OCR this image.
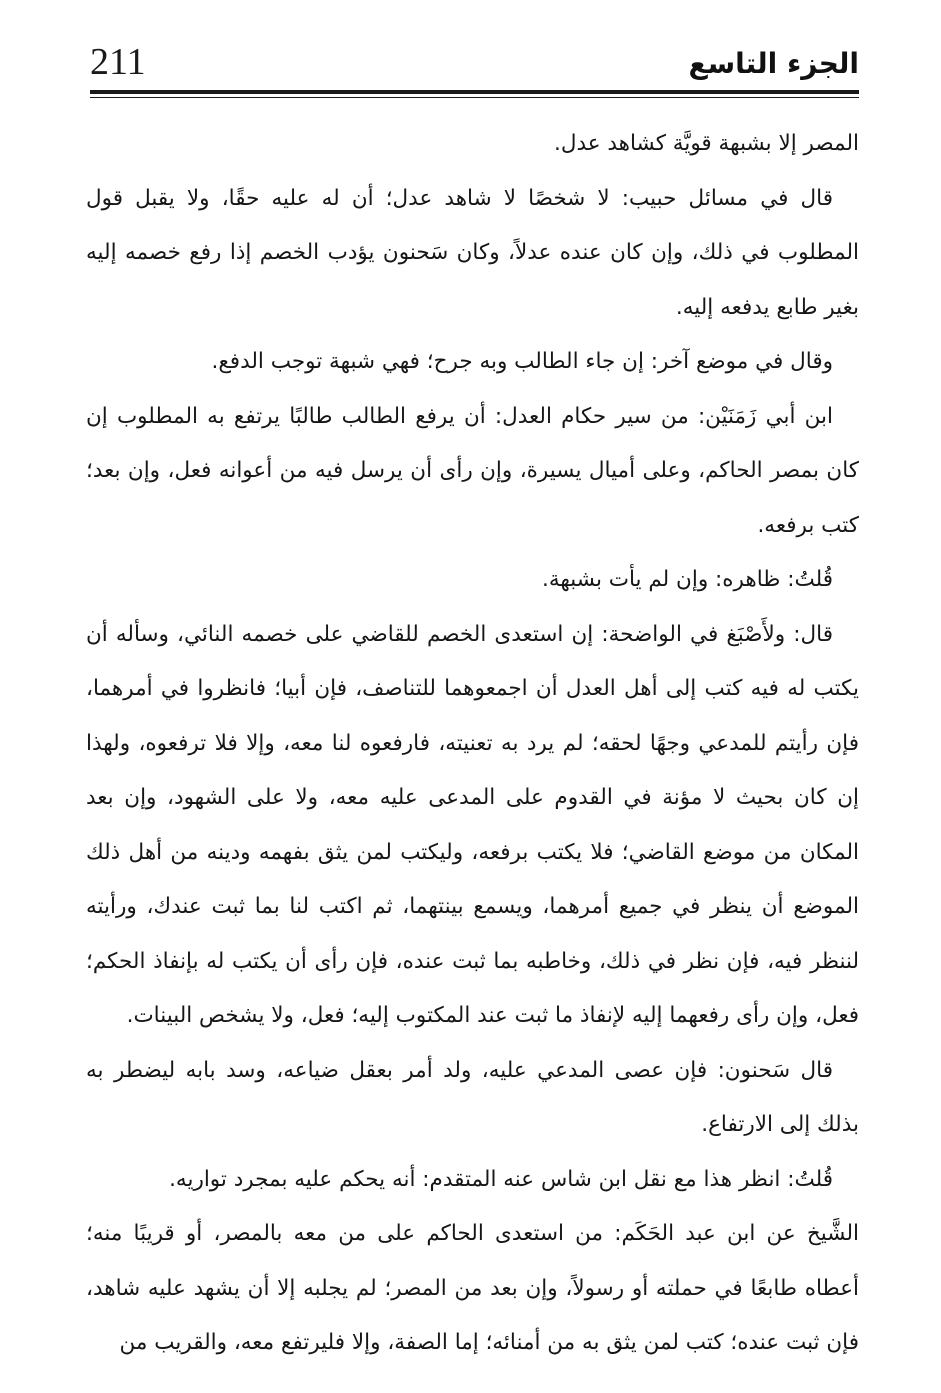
211	الجزء التاسع

المصر إلا بشبهة قويَّة كشاهد عدل.

قال في مسائل حبيب: لا شخصًا لا شاهد عدل؛ أن له عليه حقًا، ولا يقبل قول المطلوب في ذلك، وإن كان عنده عدلاً، وكان سَحنون يؤدب الخصم إذا رفع خصمه إليه بغير طابع يدفعه إليه.

وقال في موضع آخر: إن جاء الطالب وبه جرح؛ فهي شبهة توجب الدفع.

ابن أبي زَمَنَيْن: من سير حكام العدل: أن يرفع الطالب طالبًا يرتفع به المطلوب إن كان بمصر الحاكم، وعلى أميال يسيرة، وإن رأى أن يرسل فيه من أعوانه فعل، وإن بعد؛ كتب برفعه.

قُلتُ: ظاهره: وإن لم يأت بشبهة.

قال: ولأَصْبَغ في الواضحة: إن استعدى الخصم للقاضي على خصمه النائي، وسأله أن يكتب له فيه كتب إلى أهل العدل أن اجمعوهما للتناصف، فإن أبيا؛ فانظروا في أمرهما، فإن رأيتم للمدعي وجهًا لحقه؛ لم يرد به تعنيته، فارفعوه لنا معه، وإلا فلا ترفعوه، ولهذا إن كان بحيث لا مؤنة في القدوم على المدعى عليه معه، ولا على الشهود، وإن بعد المكان من موضع القاضي؛ فلا يكتب برفعه، وليكتب لمن يثق بفهمه ودينه من أهل ذلك الموضع أن ينظر في جميع أمرهما، ويسمع بينتهما، ثم اكتب لنا بما ثبت عندك، ورأيته لننظر فيه، فإن نظر في ذلك، وخاطبه بما ثبت عنده، فإن رأى أن يكتب له بإنفاذ الحكم؛ فعل، وإن رأى رفعهما إليه لإنفاذ ما ثبت عند المكتوب إليه؛ فعل، ولا يشخص البينات.

قال سَحنون: فإن عصى المدعي عليه، ولد أمر بعقل ضياعه، وسد بابه ليضطر به بذلك إلى الارتفاع.

قُلتُ: انظر هذا مع نقل ابن شاس عنه المتقدم: أنه يحكم عليه بمجرد تواريه.

الشَّيخ عن ابن عبد الحَكَم: من استعدى الحاكم على من معه بالمصر، أو قريبًا منه؛ أعطاه طابعًا في حملته أو رسولاً، وإن بعد من المصر؛ لم يجلبه إلا أن يشهد عليه شاهد، فإن ثبت عنده؛ كتب لمن يثق به من أمنائه؛ إما الصفة، وإلا فليرتفع معه، والقريب من
